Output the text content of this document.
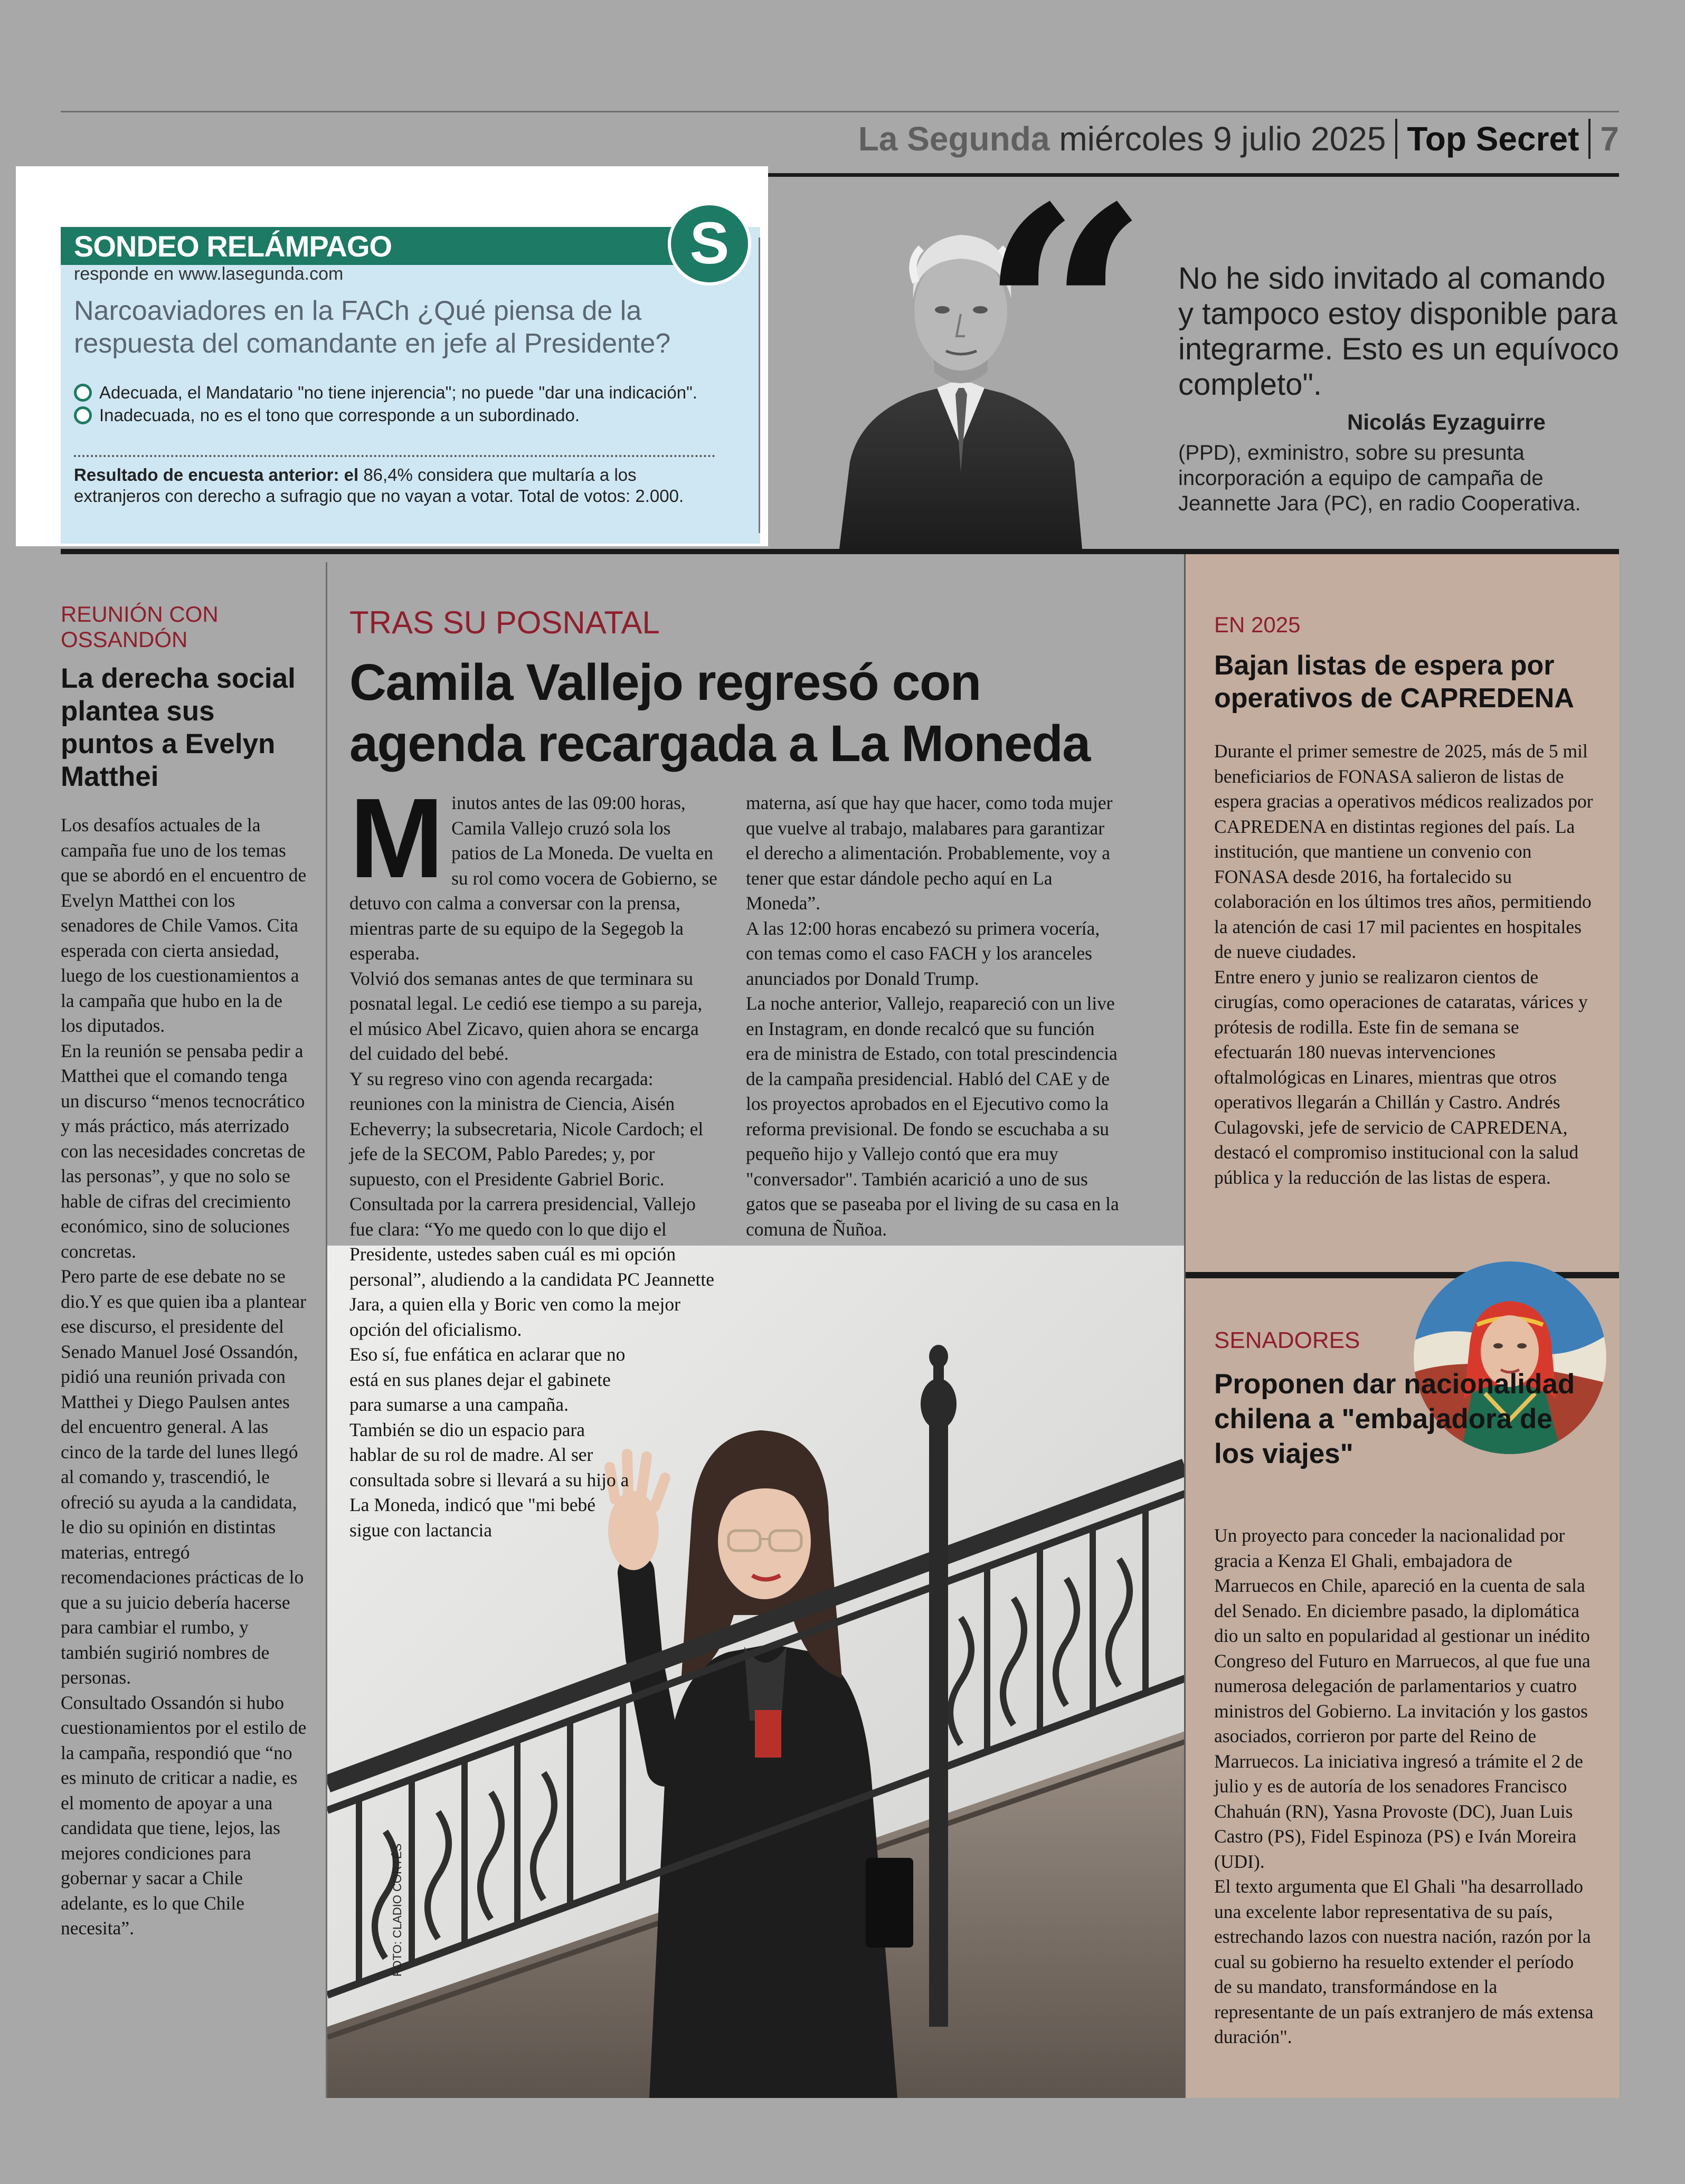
La Segunda miércoles 9 julio 2025 Top Secret 7
SONDEO RELÁMPAGO	S
responde en www.lasegunda.com
Narcoaviadores en la FACh ¿Qué piensa de la respuesta del comandante en jefe al Presidente?
Adecuada, el Mandatario "no tiene injerencia"; no puede "dar una indicación".
Inadecuada, no es el tono que corresponde a un subordinado.
Resultado de encuesta anterior: el 86,4% considera que multaría a los extranjeros con derecho a sufragio que no vayan a votar. Total de votos: 2.000.
“ No he sido invitado al comando y tampoco estoy disponible para integrarme. Esto es un equívoco completo".
Nicolás Eyzaguirre
(PPD), exministro, sobre su presunta incorporación a equipo de campaña de Jeannette Jara (PC), en radio Cooperativa.
REUNIÓN CON OSSANDÓN
La derecha social plantea sus puntos a Evelyn Matthei

Los desafíos actuales de la campaña fue uno de los temas que se abordó en el encuentro de Evelyn Matthei con los senadores de Chile Vamos. Cita esperada con cierta ansiedad, luego de los cuestionamientos a la campaña que hubo en la de los diputados.

En la reunión se pensaba pedir a Matthei que el comando tenga un discurso “menos tecnocrático y más práctico, más aterrizado con las necesidades concretas de las personas”, y que no solo se hable de cifras del crecimiento económico, sino de soluciones concretas.

Pero parte de ese debate no se dio.Y es que quien iba a plantear ese discurso, el presidente del Senado Manuel José Ossandón, pidió una reunión privada con Matthei y Diego Paulsen antes del encuentro general. A las cinco de la tarde del lunes llegó al comando y, trascendió, le ofreció su ayuda a la candidata, le dio su opinión en distintas materias, entregó recomendaciones prácticas de lo que a su juicio debería hacerse para cambiar el rumbo, y también sugirió nombres de personas.

Consultado Ossandón si hubo cuestionamientos por el estilo de la campaña, respondió que “no es minuto de criticar a nadie, es el momento de apoyar a una candidata que tiene, lejos, las mejores condiciones para gobernar y sacar a Chile adelante, es lo que Chile necesita”.

TRAS SU POSNATAL
Camila Vallejo regresó con agenda recargada a La Moneda
FOTO: CLADIO CORTÉS
M inutos antes de las 09:00 horas, Camila Vallejo cruzó sola los patios de La Moneda. De vuelta en su rol como vocera de Gobierno, se detuvo con calma a conversar con la prensa, mientras parte de su equipo de la Segegob la esperaba.

Volvió dos semanas antes de que terminara su posnatal legal. Le cedió ese tiempo a su pareja, el músico Abel Zicavo, quien ahora se encarga del cuidado del bebé.

Y su regreso vino con agenda recargada: reuniones con la ministra de Ciencia, Aisén Echeverry; la subsecretaria, Nicole Cardoch; el jefe de la SECOM, Pablo Paredes; y, por supuesto, con el Presidente Gabriel Boric.

Consultada por la carrera presidencial, Vallejo fue clara: “Yo me quedo con lo que dijo el Presidente, ustedes saben cuál es mi opción personal”, aludiendo a la candidata PC Jeannette Jara, a quien ella y Boric ven como la mejor opción del oficialismo.

Eso sí, fue enfática en aclarar que no está en sus planes dejar el gabinete para sumarse a una campaña.

También se dio un espacio para hablar de su rol de madre. Al ser consultada sobre si llevará a su hijo a La Moneda, indicó que "mi bebé sigue con lactancia

materna, así que hay que hacer, como toda mujer que vuelve al trabajo, malabares para garantizar el derecho a alimentación. Probablemente, voy a tener que estar dándole pecho aquí en La Moneda”.

A las 12:00 horas encabezó su primera vocería, con temas como el caso FACH y los aranceles anunciados por Donald Trump.

La noche anterior, Vallejo, reapareció con un live en Instagram, en donde recalcó que su función era de ministra de Estado, con total prescindencia de la campaña presidencial. Habló del CAE y de los proyectos aprobados en el Ejecutivo como la reforma previsional. De fondo se escuchaba a su pequeño hijo y Vallejo contó que era muy "conversador". También acarició a uno de sus gatos que se paseaba por el living de su casa en la comuna de Ñuñoa.

EN 2025
Bajan listas de espera por operativos de CAPREDENA

Durante el primer semestre de 2025, más de 5 mil beneficiarios de FONASA salieron de listas de espera gracias a operativos médicos realizados por CAPREDENA en distintas regiones del país. La institución, que mantiene un convenio con FONASA desde 2016, ha fortalecido su colaboración en los últimos tres años, permitiendo la atención de casi 17 mil pacientes en hospitales de nueve ciudades.

Entre enero y junio se realizaron cientos de cirugías, como operaciones de cataratas, várices y prótesis de rodilla. Este fin de semana se efectuarán 180 nuevas intervenciones oftalmológicas en Linares, mientras que otros operativos llegarán a Chillán y Castro. Andrés Culagovski, jefe de servicio de CAPREDENA, destacó el compromiso institucional con la salud pública y la reducción de las listas de espera.

SENADORES
Proponen dar nacionalidad chilena a "embajadora de los viajes"

Un proyecto para conceder la nacionalidad por gracia a Kenza El Ghali, embajadora de Marruecos en Chile, apareció en la cuenta de sala del Senado. En diciembre pasado, la diplomática dio un salto en popularidad al gestionar un inédito Congreso del Futuro en Marruecos, al que fue una numerosa delegación de parlamentarios y cuatro ministros del Gobierno. La invitación y los gastos asociados, corrieron por parte del Reino de Marruecos. La iniciativa ingresó a trámite el 2 de julio y es de autoría de los senadores Francisco Chahuán (RN), Yasna Provoste (DC), Juan Luis Castro (PS), Fidel Espinoza (PS) e Iván Moreira (UDI).

El texto argumenta que El Ghali "ha desarrollado una excelente labor representativa de su país, estrechando lazos con nuestra nación, razón por la cual su gobierno ha resuelto extender el período de su mandato, transformándose en la representante de un país extranjero de más extensa duración".
